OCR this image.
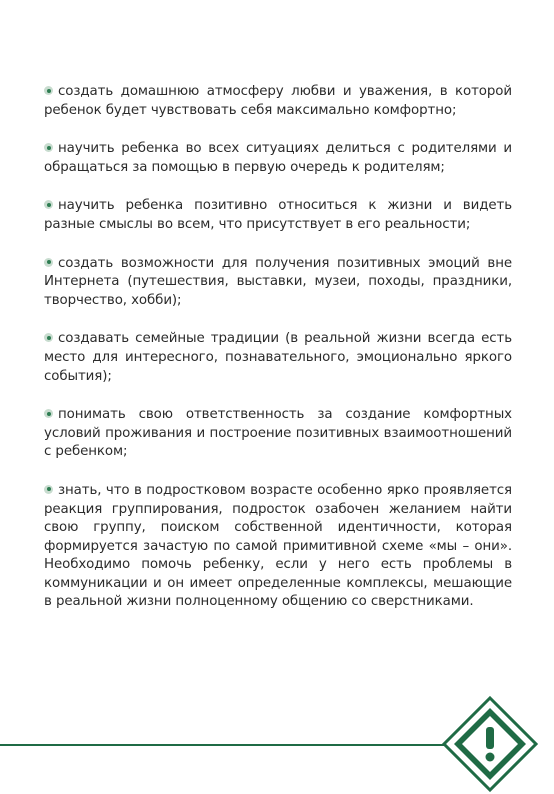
создать домашнюю атмосферу любви и уважения, в которой ребенок будет чувствовать себя максимально комфортно;

научить ребенка во всех ситуациях делиться с родителями и обращаться за помощью в первую очередь к родителям;

научить ребенка позитивно относиться к жизни и видеть разные смыслы во всем, что присутствует в его реальности;

создать возможности для получения позитивных эмоций вне Интернета (путешествия, выставки, музеи, походы, праздники, творчество, хобби);

создавать семейные традиции (в реальной жизни всегда есть место для интересного, познавательного, эмоционально яркого события);

понимать свою ответственность за создание комфортных условий проживания и построение позитивных взаимоотношений с ребенком;

знать, что в подростковом возрасте особенно ярко проявляется реакция группирования, подросток озабочен желанием найти свою группу, поиском собственной идентичности, которая формируется зачастую по самой примитивной схеме «мы – они». Необходимо помочь ребенку, если у него есть проблемы в коммуникации и он имеет определенные комплексы, мешающие в реальной жизни полноценному общению со сверстниками.
